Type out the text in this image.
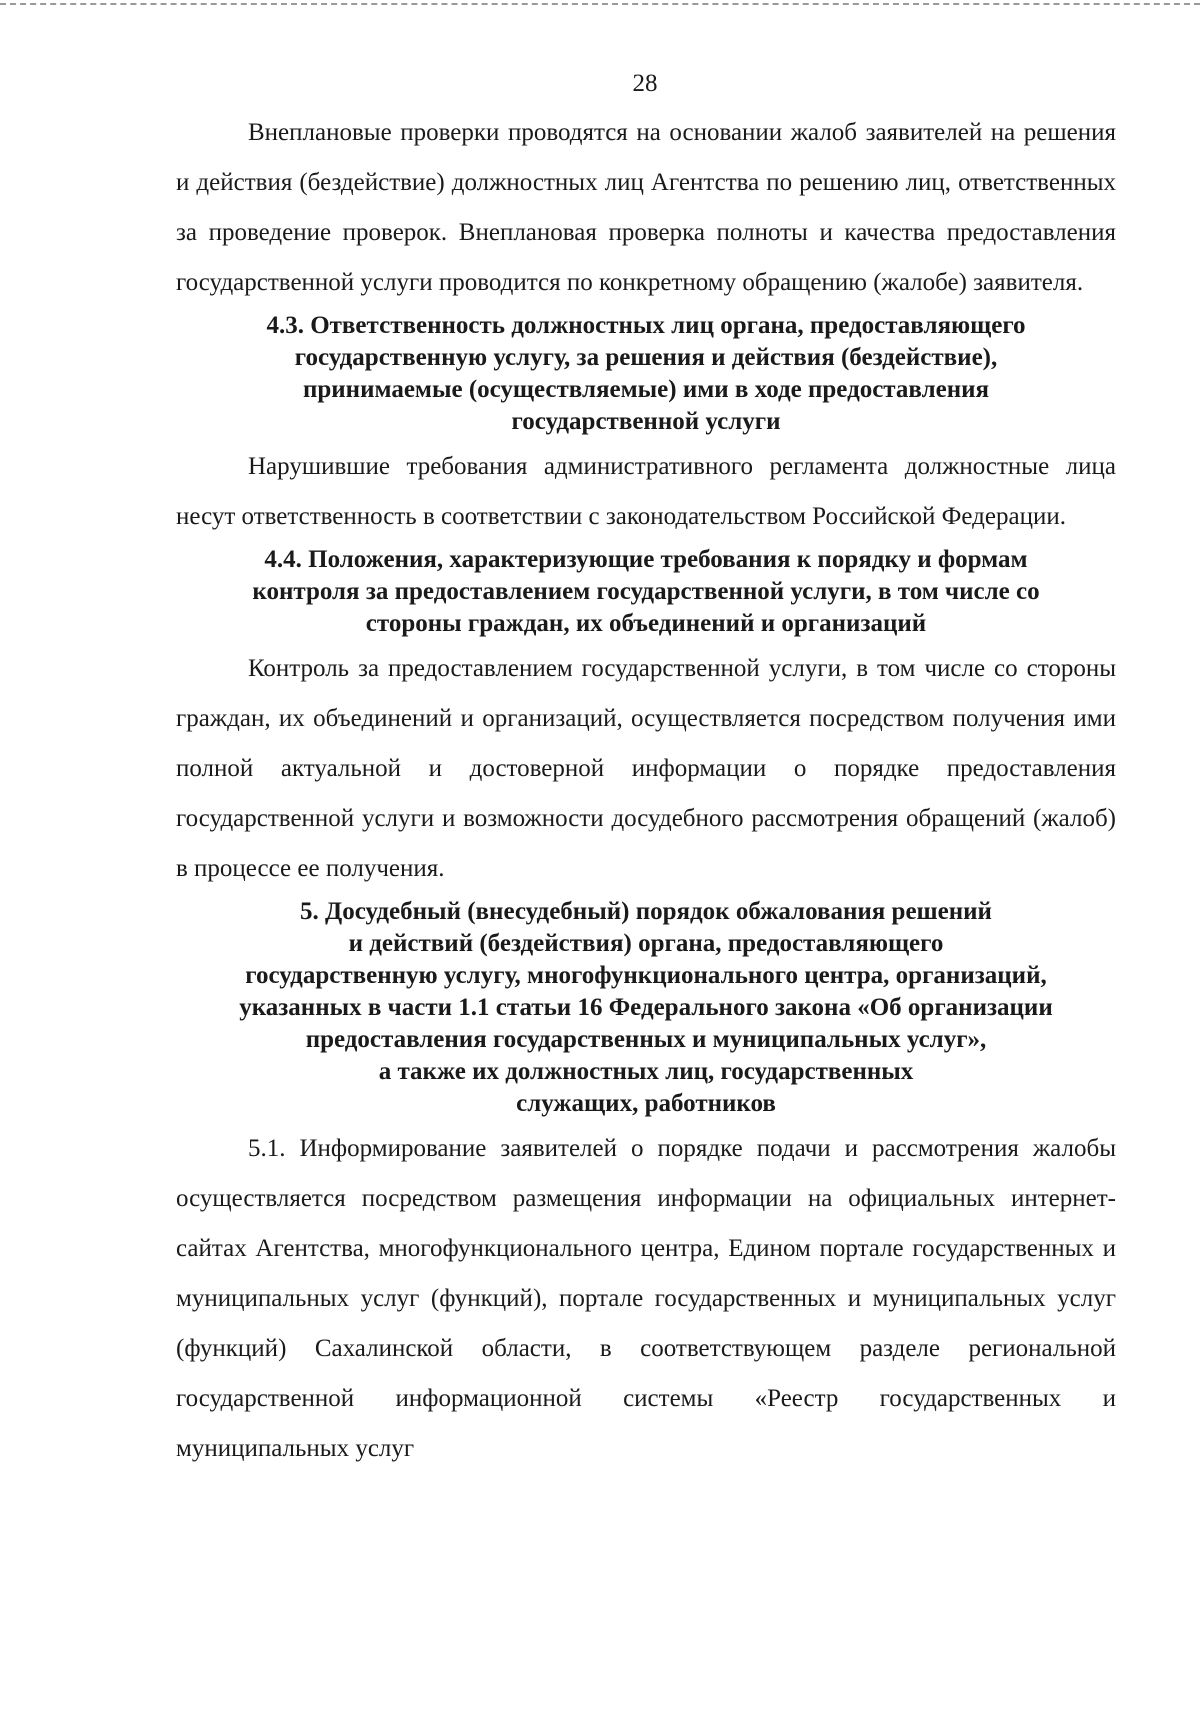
28

Внеплановые проверки проводятся на основании жалоб заявителей на решения и действия (бездействие) должностных лиц Агентства по решению лиц, ответственных за проведение проверок. Внеплановая проверка полноты и качества предоставления государственной услуги проводится по конкретному обращению (жалобе) заявителя.

4.3. Ответственность должностных лиц органа, предоставляющего
государственную услугу, за решения и действия (бездействие),
принимаемые (осуществляемые) ими в ходе предоставления
государственной услуги

Нарушившие требования административного регламента должностные лица несут ответственность в соответствии с законодательством Российской Федерации.

4.4. Положения, характеризующие требования к порядку и формам
контроля за предоставлением государственной услуги, в том числе со
стороны граждан, их объединений и организаций

Контроль за предоставлением государственной услуги, в том числе со стороны граждан, их объединений и организаций, осуществляется посредством получения ими полной актуальной и достоверной информации о порядке предоставления государственной услуги и возможности досудебного рассмотрения обращений (жалоб) в процессе ее получения.

5. Досудебный (внесудебный) порядок обжалования решений
и действий (бездействия) органа, предоставляющего
государственную услугу, многофункционального центра, организаций,
указанных в части 1.1 статьи 16 Федерального закона «Об организации
предоставления государственных и муниципальных услуг»,
а также их должностных лиц, государственных
служащих, работников

5.1. Информирование заявителей о порядке подачи и рассмотрения жалобы осуществляется посредством размещения информации на официальных интернет-сайтах Агентства, многофункционального центра, Едином портале государственных и муниципальных услуг (функций), портале государственных и муниципальных услуг (функций) Сахалинской области, в соответствующем разделе региональной государственной информационной системы «Реестр государственных и муниципальных услуг
